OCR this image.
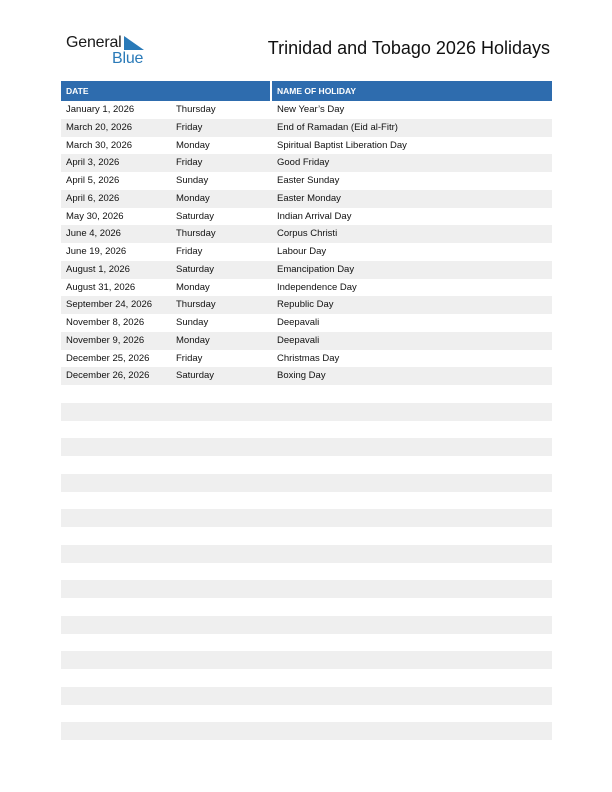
General
Blue
Trinidad and Tobago 2026 Holidays
DATE	NAME OF HOLIDAY
January 1, 2026	Thursday	New Year’s Day
March 20, 2026	Friday	End of Ramadan (Eid al-Fitr)
March 30, 2026	Monday	Spiritual Baptist Liberation Day
April 3, 2026	Friday	Good Friday
April 5, 2026	Sunday	Easter Sunday
April 6, 2026	Monday	Easter Monday
May 30, 2026	Saturday	Indian Arrival Day
June 4, 2026	Thursday	Corpus Christi
June 19, 2026	Friday	Labour Day
August 1, 2026	Saturday	Emancipation Day
August 31, 2026	Monday	Independence Day
September 24, 2026	Thursday	Republic Day
November 8, 2026	Sunday	Deepavali
November 9, 2026	Monday	Deepavali
December 25, 2026	Friday	Christmas Day
December 26, 2026	Saturday	Boxing Day
